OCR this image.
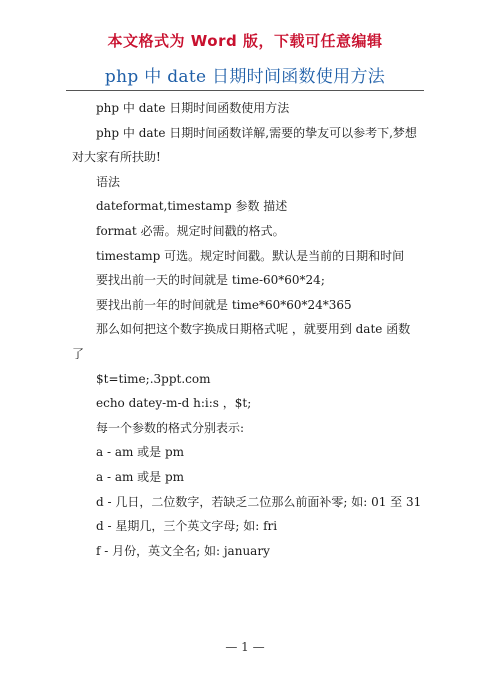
本文格式为 Word 版，下载可任意编辑
php 中 date 日期时间函数使用方法

php 中 date 日期时间函数使用方法

php 中 date 日期时间函数详解,需要的挚友可以参考下,梦想对大家有所扶助!

语法

dateformat,timestamp 参数 描述

format 必需。规定时间戳的格式。

timestamp 可选。规定时间戳。默认是当前的日期和时间

要找出前一天的时间就是 time-60*60*24;

要找出前一年的时间就是 time*60*60*24*365

那么如何把这个数字换成日期格式呢 ，就要用到 date 函数了

$t=time;.3ppt.com

echo datey-m-d h:i:s ，$t;

每一个参数的格式分别表示:

a - am 或是 pm

a - am 或是 pm

d - 几日，二位数字，若缺乏二位那么前面补零; 如: 01 至 31

d - 星期几，三个英文字母; 如: fri

f - 月份，英文全名; 如: january

— 1 —
